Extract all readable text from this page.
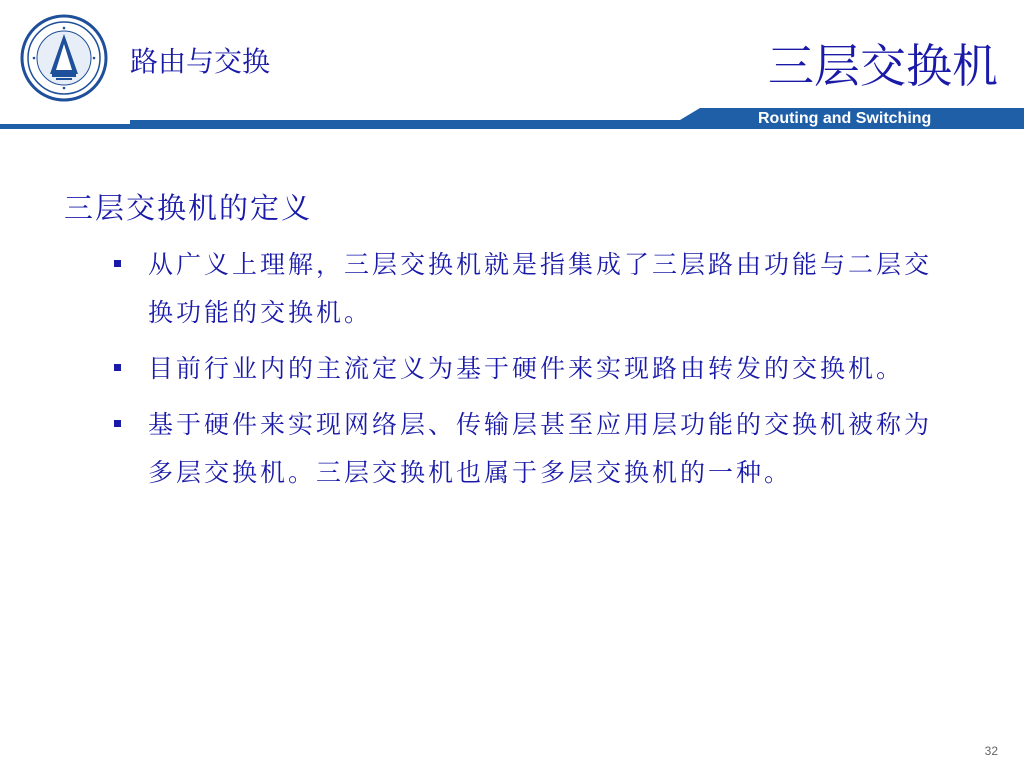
路由与交换	三层交换机
Routing and Switching
三层交换机的定义
从广义上理解，三层交换机就是指集成了三层路由功能与二层交换功能的交换机。
目前行业内的主流定义为基于硬件来实现路由转发的交换机。
基于硬件来实现网络层、传输层甚至应用层功能的交换机被称为多层交换机。三层交换机也属于多层交换机的一种。
32
